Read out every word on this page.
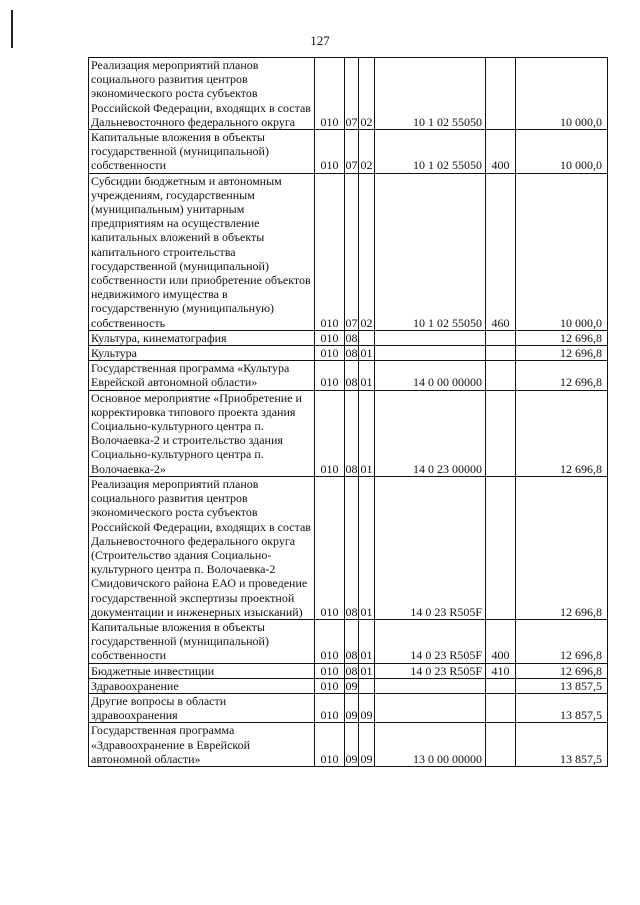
127
Реализация мероприятий планов социального развития центров экономического роста субъектов Российской Федерации, входящих в состав Дальневосточного федерального округа	010	07	02	10 1 02 55050		10 000,0
Капитальные вложения в объекты государственной (муниципальной) собственности	010	07	02	10 1 02 55050	400	10 000,0
Субсидии бюджетным и автономным учреждениям, государственным (муниципальным) унитарным предприятиям на осуществление капитальных вложений в объекты капитального строительства государственной (муниципальной) собственности или приобретение объектов недвижимого имущества в государственную (муниципальную) собственность	010	07	02	10 1 02 55050	460	10 000,0
Культура, кинематография	010	08				12 696,8
Культура	010	08	01			12 696,8
Государственная программа «Культура Еврейской автономной области»	010	08	01	14 0 00 00000		12 696,8
Основное мероприятие «Приобретение и корректировка типового проекта здания Социально-культурного центра п. Волочаевка-2 и строительство здания Социально-культурного центра п. Волочаевка-2»	010	08	01	14 0 23 00000		12 696,8
Реализация мероприятий планов социального развития центров экономического роста субъектов Российской Федерации, входящих в состав Дальневосточного федерального округа (Строительство здания Социально-культурного центра п. Волочаевка-2 Смидовичского района ЕАО и проведение государственной экспертизы проектной документации и инженерных изысканий)	010	08	01	14 0 23 R505F		12 696,8
Капитальные вложения в объекты государственной (муниципальной) собственности	010	08	01	14 0 23 R505F	400	12 696,8
Бюджетные инвестиции	010	08	01	14 0 23 R505F	410	12 696,8
Здравоохранение	010	09				13 857,5
Другие вопросы в области здравоохранения	010	09	09			13 857,5
Государственная программа «Здравоохранение в Еврейской автономной области»	010	09	09	13 0 00 00000		13 857,5
